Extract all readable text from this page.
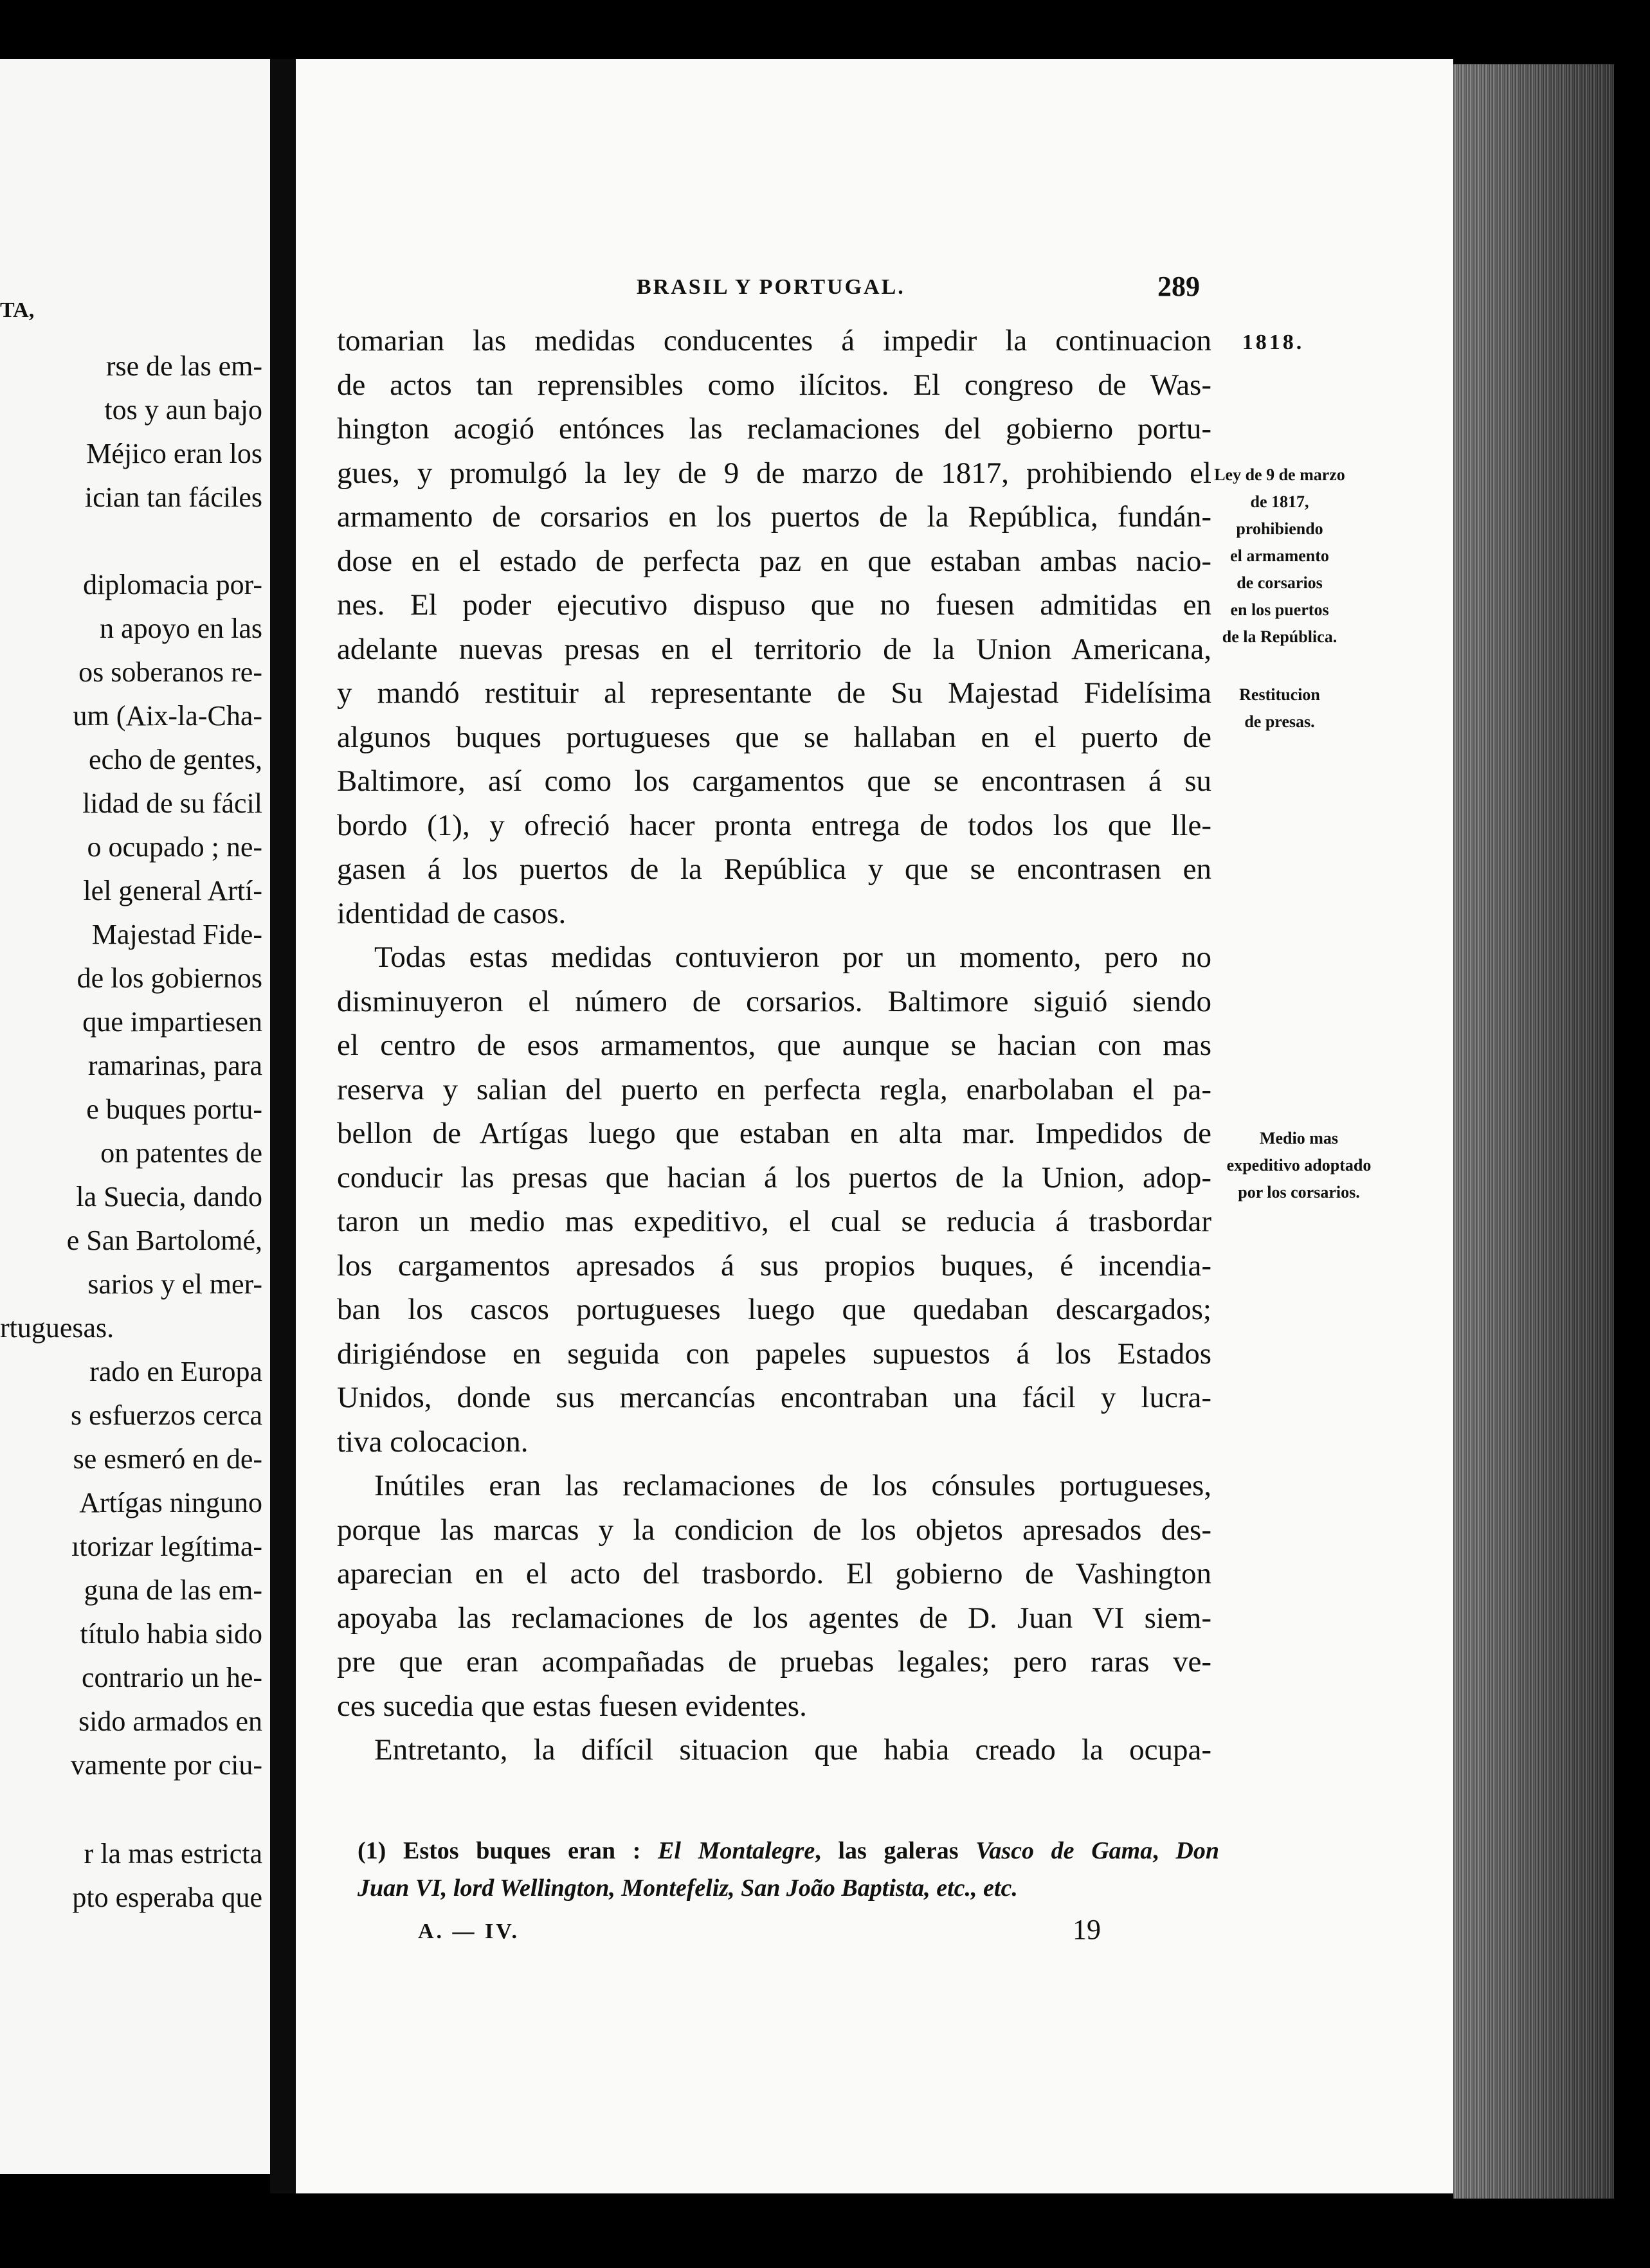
TA,
rse de las em-
tos y aun bajo
Méjico eran los
ician tan fáciles
diplomacia por-
n apoyo en las
os soberanos re-
um (Aix-la-Cha-
echo de gentes,
lidad de su fácil
o ocupado ; ne-
lel general Artí-
Majestad Fide-
de los gobiernos
que impartiesen
ramarinas, para
e buques portu-
on patentes de
la Suecia, dando
e San Bartolomé,
sarios y el mer-
rtuguesas.
rado en Europa
s esfuerzos cerca
se esmeró en de-
Artígas ninguno
ıtorizar legítima-
guna de las em-
título habia sido
contrario un he-
sido armados en
vamente por ciu-
r la mas estricta
pto esperaba que
BRASIL Y PORTUGAL.	289
tomarian las medidas conducentes á impedir la continuacion
de actos tan reprensibles como ilícitos. El congreso de Was-
hington acogió entónces las reclamaciones del gobierno portu-
gues, y promulgó la ley de 9 de marzo de 1817, prohibiendo el
armamento de corsarios en los puertos de la República, fundán-
dose en el estado de perfecta paz en que estaban ambas nacio-
nes. El poder ejecutivo dispuso que no fuesen admitidas en
adelante nuevas presas en el territorio de la Union Americana,
y mandó restituir al representante de Su Majestad Fidelísima
algunos buques portugueses que se hallaban en el puerto de
Baltimore, así como los cargamentos que se encontrasen á su
bordo (1), y ofreció hacer pronta entrega de todos los que lle-
gasen á los puertos de la República y que se encontrasen en
identidad de casos.
Todas estas medidas contuvieron por un momento, pero no
disminuyeron el número de corsarios. Baltimore siguió siendo
el centro de esos armamentos, que aunque se hacian con mas
reserva y salian del puerto en perfecta regla, enarbolaban el pa-
bellon de Artígas luego que estaban en alta mar. Impedidos de
conducir las presas que hacian á los puertos de la Union, adop-
taron un medio mas expeditivo, el cual se reducia á trasbordar
los cargamentos apresados á sus propios buques, é incendia-
ban los cascos portugueses luego que quedaban descargados;
dirigiéndose en seguida con papeles supuestos á los Estados
Unidos, donde sus mercancías encontraban una fácil y lucra-
tiva colocacion.
Inútiles eran las reclamaciones de los cónsules portugueses,
porque las marcas y la condicion de los objetos apresados des-
aparecian en el acto del trasbordo. El gobierno de Vashington
apoyaba las reclamaciones de los agentes de D. Juan VI siem-
pre que eran acompañadas de pruebas legales; pero raras ve-
ces sucedia que estas fuesen evidentes.
Entretanto, la difícil situacion que habia creado la ocupa-
1818.
Ley de 9 de marzo
de 1817,
prohibiendo
el armamento
de corsarios
en los puertos
de la República.
Restitucion
de presas.
Medio mas
expeditivo adoptado
por los corsarios.
(1) Estos buques eran : El Montalegre, las galeras Vasco de Gama, Don
Juan VI, lord Wellington, Montefeliz, San João Baptista, etc., etc.
A. — IV.	19
